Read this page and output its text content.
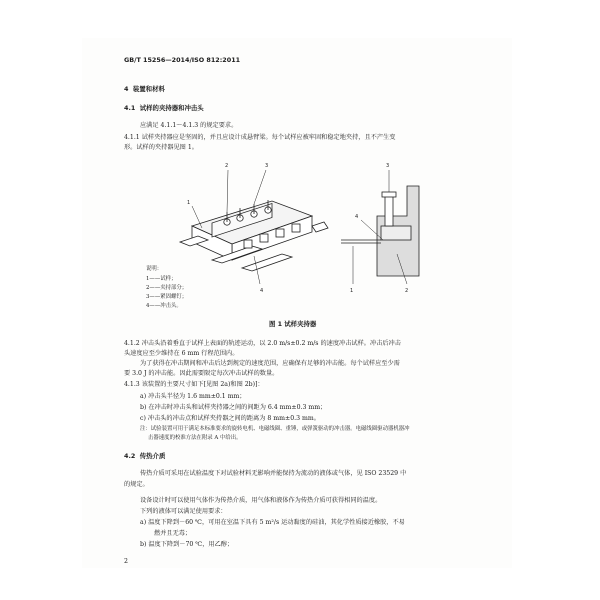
GB/T 15256—2014/ISO 812:2011
4 装置和材料
4.1 试样的夹持器和冲击头
应满足 4.1.1～4.1.3 的规定要求。
4.1.1 试样夹持器应是坚固的，并且应设计成悬臂梁。每个试样应被牢固和稳定地夹持，且不产生变
形。试样的夹持器见图 1。
1
2	3
4
3
4
1	2
说明：
1——试样；
2——夹持部分；
3——紧固螺钉；
4——冲击头。
图 1 试样夹持器
4.1.2 冲击头沿着垂直于试样上表面的轨迹运动，以 2.0 m/s±0.2 m/s 的速度冲击试样。冲击后冲击
头速度应至少维持在 6 mm 行程范围内。
为了获得在冲击期间和冲击后达到规定的速度范围，应确保有足够的冲击能。每个试样应至少需
要 3.0 J 的冲击能。因此需要限定每次冲击试样的数量。
4.1.3 该装置的主要尺寸如下[见图 2a)和图 2b)]：
a) 冲击头半径为 1.6 mm±0.1 mm；
b) 在冲击时冲击头和试样夹持器之间的间距为 6.4 mm±0.3 mm；
c) 冲击头的冲击点和试样夹持器之间的距离为 8 mm±0.3 mm。
注：试验装置可用于满足本标准要求的旋转电机、电磁线圈、重锤，或弹簧驱动的冲击器。电磁线圈驱动器机器冲
击器速度的校准方法在附录 A 中给出。
4.2 传热介质
传热介质可采用在试验温度下对试验材料无影响并能保持为流动的液体或气体，见 ISO 23529 中
的规定。
设备设计时可以使用气体作为传热介质，用气体和液体作为传热介质可获得相同的温度。
下列的液体可以满足使用要求：
a) 温度下降到－60 ℃，可用在室温下具有 5 m²/s 运动黏度的硅油，其化学性质接近橡胶，不易
燃并且无毒；
b) 温度下降到－70 ℃，用乙醇；
2
